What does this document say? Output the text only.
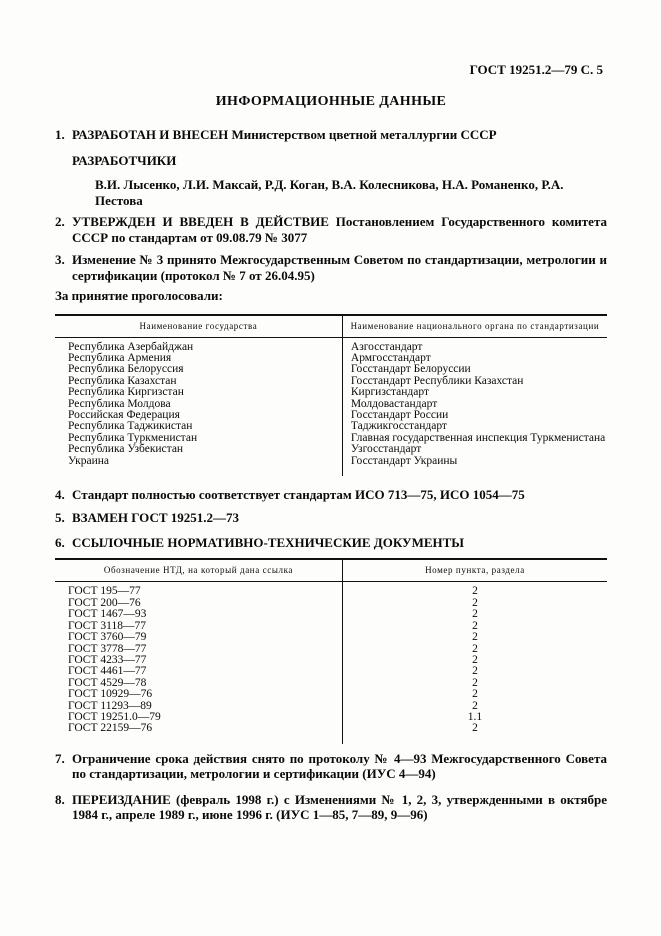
ГОСТ 19251.2—79 С. 5
ИНФОРМАЦИОННЫЕ ДАННЫЕ
1. РАЗРАБОТАН И ВНЕСЕН Министерством цветной металлургии СССР
РАЗРАБОТЧИКИ
В.И. Лысенко, Л.И. Максай, Р.Д. Коган, В.А. Колесникова, Н.А. Романенко, Р.А. Пестова
2. УТВЕРЖДЕН И ВВЕДЕН В ДЕЙСТВИЕ Постановлением Государственного комитета СССР по стандартам от 09.08.79 № 3077
3. Изменение № 3 принято Межгосударственным Советом по стандартизации, метрологии и сертификации (протокол № 7 от 26.04.95)
За принятие проголосовали:
Наименование государства	Наименование национального органа по стандартизации
Республика Азербайджан	Азгосстандарт
Республика Армения	Армгосстандарт
Республика Белоруссия	Госстандарт Белоруссии
Республика Казахстан	Госстандарт Республики Казахстан
Республика Киргизстан	Киргизстандарт
Республика Молдова	Молдовастандарт
Российская Федерация	Госстандарт России
Республика Таджикистан	Таджикгосстандарт
Республика Туркменистан	Главная государственная инспекция Туркменистана
Республика Узбекистан	Узгосстандарт
Украина	Госстандарт Украины

4. Стандарт полностью соответствует стандартам ИСО 713—75, ИСО 1054—75
5. ВЗАМЕН ГОСТ 19251.2—73
6. ССЫЛОЧНЫЕ НОРМАТИВНО-ТЕХНИЧЕСКИЕ ДОКУМЕНТЫ
Обозначение НТД, на который дана ссылка	Номер пункта, раздела
ГОСТ 195—77	2
ГОСТ 200—76	2
ГОСТ 1467—93	2
ГОСТ 3118—77	2
ГОСТ 3760—79	2
ГОСТ 3778—77	2
ГОСТ 4233—77	2
ГОСТ 4461—77	2
ГОСТ 4529—78	2
ГОСТ 10929—76	2
ГОСТ 11293—89	2
ГОСТ 19251.0—79	1.1
ГОСТ 22159—76	2

7. Ограничение срока действия снято по протоколу № 4—93 Межгосударственного Совета по стандартизации, метрологии и сертификации (ИУС 4—94)
8. ПЕРЕИЗДАНИЕ (февраль 1998 г.) с Изменениями № 1, 2, 3, утвержденными в октябре 1984 г., апреле 1989 г., июне 1996 г. (ИУС 1—85, 7—89, 9—96)
